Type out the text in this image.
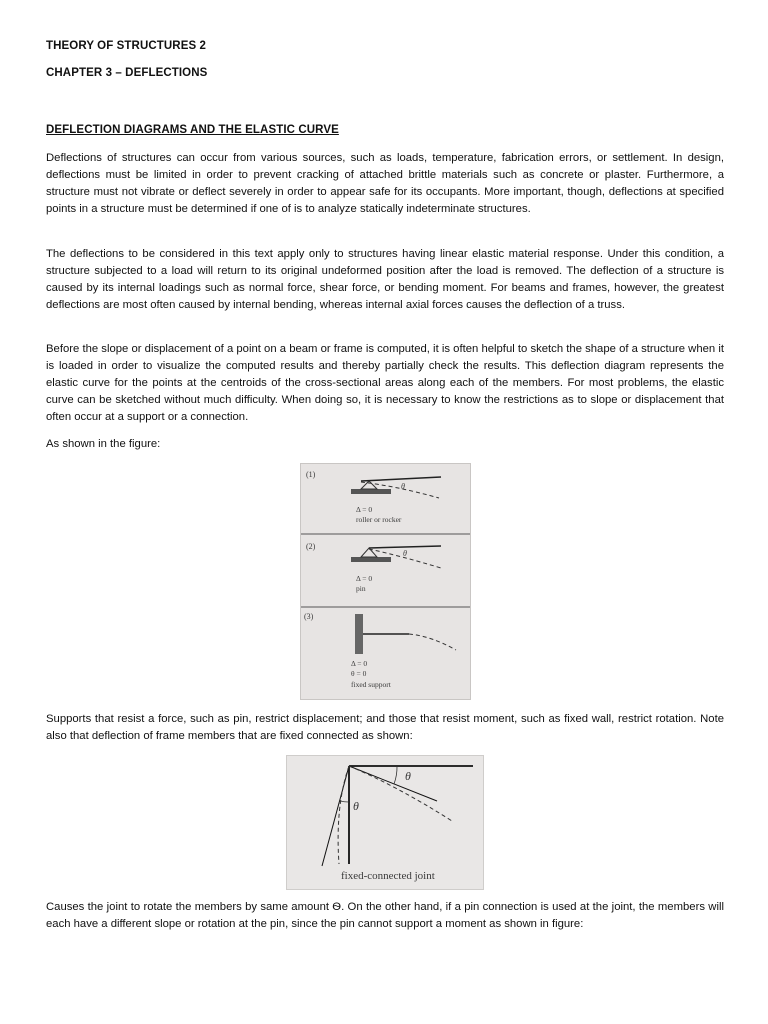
THEORY OF STRUCTURES 2
CHAPTER 3 – DEFLECTIONS
DEFLECTION DIAGRAMS AND THE ELASTIC CURVE

Deflections of structures can occur from various sources, such as loads, temperature, fabrication errors, or settlement. In design, deflections must be limited in order to prevent cracking of attached brittle materials such as concrete or plaster. Furthermore, a structure must not vibrate or deflect severely in order to appear safe for its occupants. More important, though, deflections at specified points in a structure must be determined if one of is to analyze statically indeterminate structures.

The deflections to be considered in this text apply only to structures having linear elastic material response. Under this condition, a structure subjected to a load will return to its original undeformed position after the load is removed. The deflection of a structure is caused by its internal loadings such as normal force, shear force, or bending moment. For beams and frames, however, the greatest deflections are most often caused by internal bending, whereas internal axial forces causes the deflection of a truss.

Before the slope or displacement of a point on a beam or frame is computed, it is often helpful to sketch the shape of a structure when it is loaded in order to visualize the computed results and thereby partially check the results. This deflection diagram represents the elastic curve for the points at the centroids of the cross-sectional areas along each of the members. For most problems, the elastic curve can be sketched without much difficulty. When doing so, it is necessary to know the restrictions as to slope or displacement that often occur at a support or a connection.

As shown in the figure:

Supports that resist a force, such as pin, restrict displacement; and those that resist moment, such as fixed wall, restrict rotation. Note also that deflection of frame members that are fixed connected as shown:

Causes the joint to rotate the members by same amount Ѳ. On the other hand, if a pin connection is used at the joint, the members will each have a different slope or rotation at the pin, since the pin cannot support a moment as shown in figure:

(1)
θ
Δ = 0
roller or rocker
(2)
θ
Δ = 0
pin
(3)
Δ = 0
θ = 0
fixed support
θ
θ
fixed-connected joint
